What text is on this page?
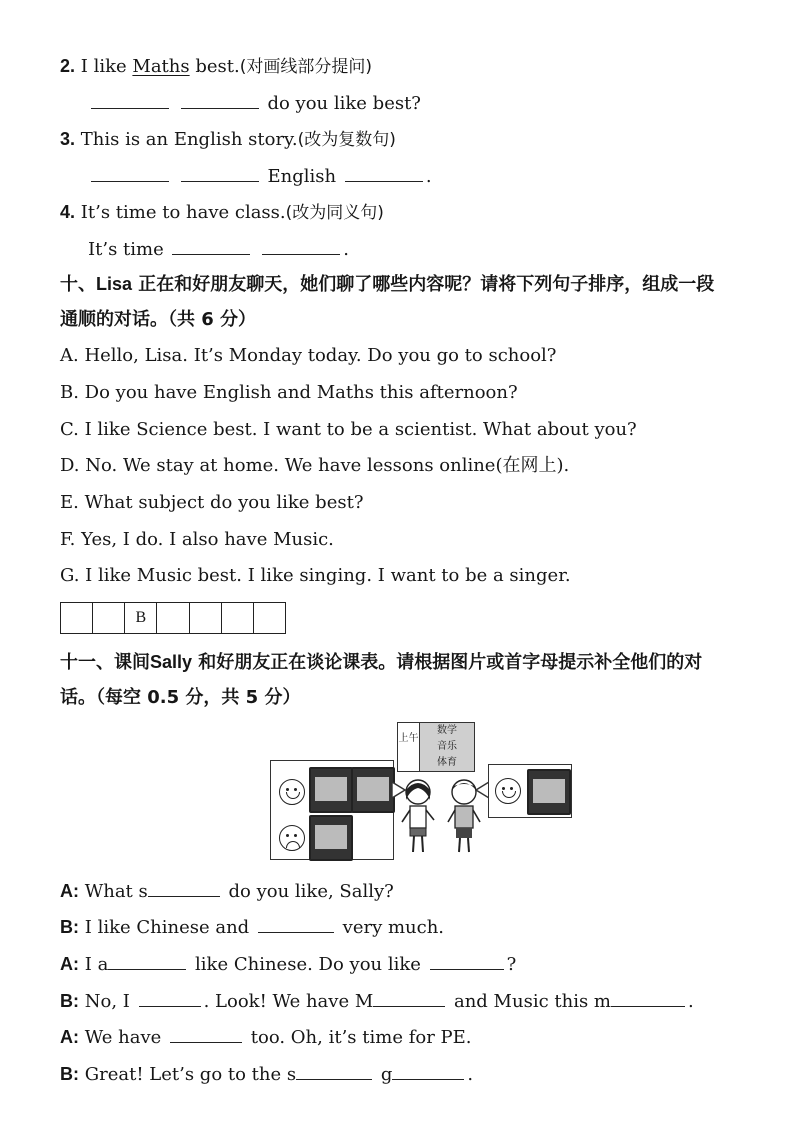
2. I like Maths best.(对画线部分提问)
do you like best?
3. This is an English story.(改为复数句)
English	.
4. It’s time to have class.(改为同义句)
It’s time	.
十、Lisa 正在和好朋友聊天，她们聊了哪些内容呢？请将下列句子排序，组成一段
通顺的对话。（共 6 分）
A. Hello, Lisa. It’s Monday today. Do you go to school?
B. Do you have English and Maths this afternoon?
C. I like Science best. I want to be a scientist. What about you?
D. No. We stay at home. We have lessons online(在网上).
E. What subject do you like best?
F. Yes, I do. I also have Music.
G. I like Music best. I like singing. I want to be a singer.
B
十一、课间Sally 和好朋友正在谈论课表。请根据图片或首字母提示补全他们的对
话。（每空 0.5 分，共 5 分）
上午
数学
音乐
体育
A: What s	do you like, Sally?
B: I like Chinese and	very much.
A: I a	like Chinese. Do you like	?
B: No, I	. Look! We have M	and Music this m	.
A: We have	too. Oh, it’s time for PE.
B: Great! Let’s go to the s	g	.
